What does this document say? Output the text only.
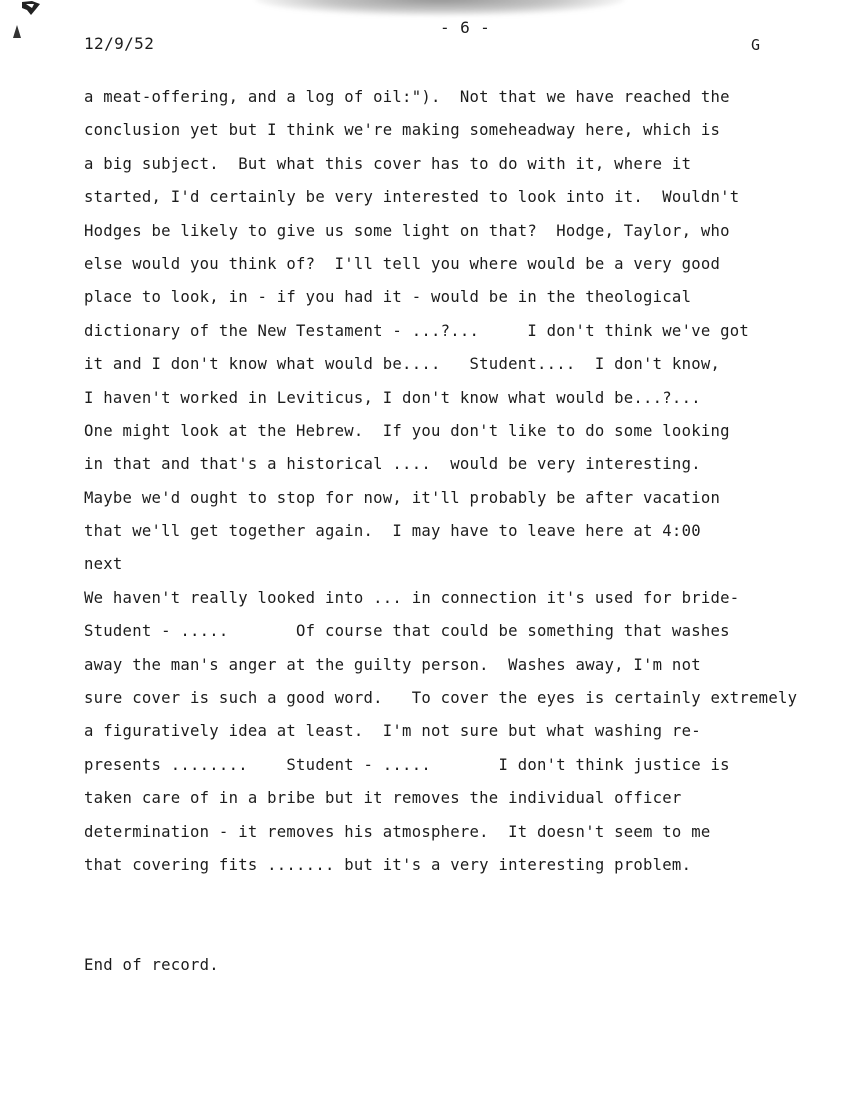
12/9/52
- 6 -
G
a meat-offering, and a log of oil:").  Not that we have reached the
conclusion yet but I think we're making someheadway here, which is
a big subject.  But what this cover has to do with it, where it
started, I'd certainly be very interested to look into it.  Wouldn't
Hodges be likely to give us some light on that?  Hodge, Taylor, who
else would you think of?  I'll tell you where would be a very good
place to look, in - if you had it - would be in the theological
dictionary of the New Testament - ...?...     I don't think we've got
it and I don't know what would be....   Student....  I don't know,
I haven't worked in Leviticus, I don't know what would be...?...
One might look at the Hebrew.  If you don't like to do some looking
in that and that's a historical ....  would be very interesting.
Maybe we'd ought to stop for now, it'll probably be after vacation
that we'll get together again.  I may have to leave here at 4:00
next
We haven't really looked into ... in connection it's used for bride-
Student - .....       Of course that could be something that washes
away the man's anger at the guilty person.  Washes away, I'm not
sure cover is such a good word.   To cover the eyes is certainly extremely
a figuratively idea at least.  I'm not sure but what washing re-
presents ........    Student - .....       I don't think justice is
taken care of in a bribe but it removes the individual officer
determination - it removes his atmosphere.  It doesn't seem to me
that covering fits ....... but it's a very interesting problem.
End of record.
